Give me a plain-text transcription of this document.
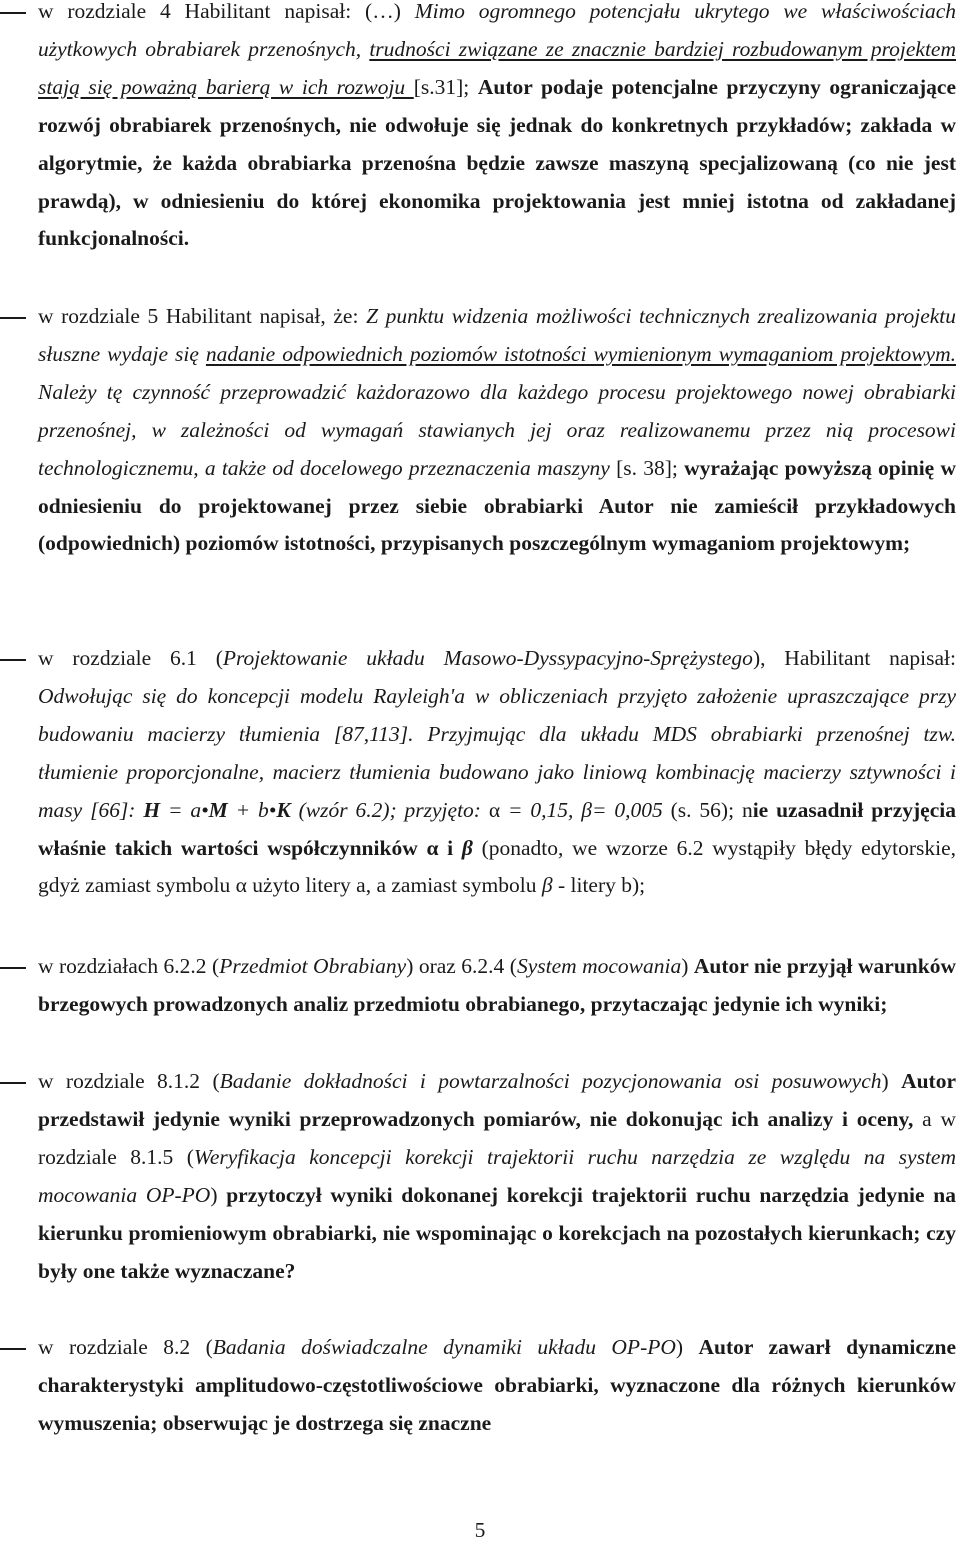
w rozdziale 4 Habilitant napisał: (…) Mimo ogromnego potencjału ukrytego we właściwościach użytkowych obrabiarek przenośnych, trudności związane ze znacznie bardziej rozbudowanym projektem stają się poważną barierą w ich rozwoju [s.31]; Autor podaje potencjalne przyczyny ograniczające rozwój obrabiarek przenośnych, nie odwołuje się jednak do konkretnych przykładów; zakłada w algorytmie, że każda obrabiarka przenośna będzie zawsze maszyną specjalizowaną (co nie jest prawdą), w odniesieniu do której ekonomika projektowania jest mniej istotna od zakładanej funkcjonalności.

w rozdziale 5 Habilitant napisał, że: Z punktu widzenia możliwości technicznych zrealizowania projektu słuszne wydaje się nadanie odpowiednich poziomów istotności wymienionym wymaganiom projektowym. Należy tę czynność przeprowadzić każdorazowo dla każdego procesu projektowego nowej obrabiarki przenośnej, w zależności od wymagań stawianych jej oraz realizowanemu przez nią procesowi technologicznemu, a także od docelowego przeznaczenia maszyny [s. 38]; wyrażając powyższą opinię w odniesieniu do projektowanej przez siebie obrabiarki Autor nie zamieścił przykładowych (odpowiednich) poziomów istotności, przypisanych poszczególnym wymaganiom projektowym;

w rozdziale 6.1 (Projektowanie układu Masowo-Dyssypacyjno-Sprężystego), Habilitant napisał: Odwołując się do koncepcji modelu Rayleigh'a w obliczeniach przyjęto założenie upraszczające przy budowaniu macierzy tłumienia [87,113]. Przyjmując dla układu MDS obrabiarki przenośnej tzw. tłumienie proporcjonalne, macierz tłumienia budowano jako liniową kombinację macierzy sztywności i masy [66]: H = a•M + b•K (wzór 6.2); przyjęto: α = 0,15, β= 0,005 (s. 56); nie uzasadnił przyjęcia właśnie takich wartości współczynników α i β (ponadto, we wzorze 6.2 wystąpiły błędy edytorskie, gdyż zamiast symbolu α użyto litery a, a zamiast symbolu β - litery b);

w rozdziałach 6.2.2 (Przedmiot Obrabiany) oraz 6.2.4 (System mocowania) Autor nie przyjął warunków brzegowych prowadzonych analiz przedmiotu obrabianego, przytaczając jedynie ich wyniki;

w rozdziale 8.1.2 (Badanie dokładności i powtarzalności pozycjonowania osi posuwowych) Autor przedstawił jedynie wyniki przeprowadzonych pomiarów, nie dokonując ich analizy i oceny, a w rozdziale 8.1.5 (Weryfikacja koncepcji korekcji trajektorii ruchu narzędzia ze względu na system mocowania OP-PO) przytoczył wyniki dokonanej korekcji trajektorii ruchu narzędzia jedynie na kierunku promieniowym obrabiarki, nie wspominając o korekcjach na pozostałych kierunkach; czy były one także wyznaczane?

w rozdziale 8.2 (Badania doświadczalne dynamiki układu OP-PO) Autor zawarł dynamiczne charakterystyki amplitudowo-częstotliwościowe obrabiarki, wyznaczone dla różnych kierunków wymuszenia; obserwując je dostrzega się znaczne

5
